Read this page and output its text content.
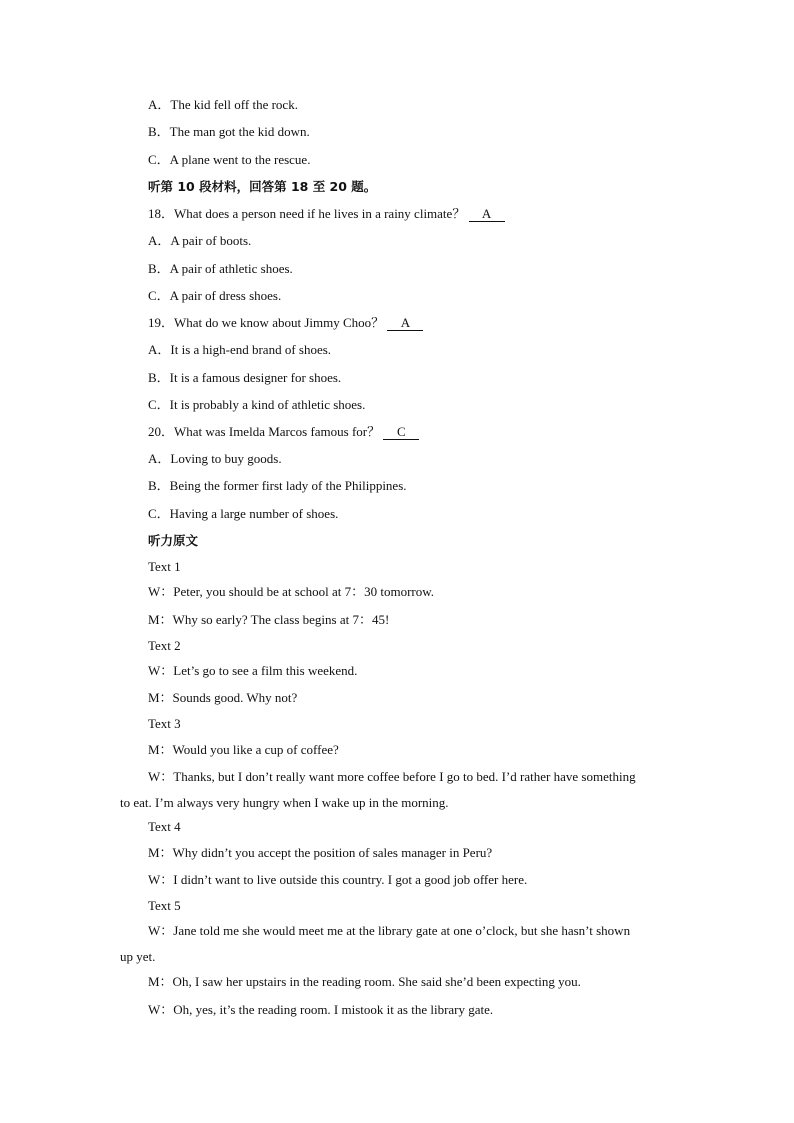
A．The kid fell off the rock.
B．The man got the kid down.
C．A plane went to the rescue.
听第 10 段材料，回答第 18 至 20 题。
18．What does a person need if he lives in a rainy climate？ A
A．A pair of boots.
B．A pair of athletic shoes.
C．A pair of dress shoes.
19．What do we know about Jimmy Choo？ A
A．It is a high-end brand of shoes.
B．It is a famous designer for shoes.
C．It is probably a kind of athletic shoes.
20．What was Imelda Marcos famous for？ C
A．Loving to buy goods.
B．Being the former first lady of the Philippines.
C．Having a large number of shoes.
听力原文
Text 1
W：Peter, you should be at school at 7：30 tomorrow.
M：Why so early? The class begins at 7：45!
Text 2
W：Let’s go to see a film this weekend.
M：Sounds good. Why not?
Text 3
M：Would you like a cup of coffee?
W：Thanks, but I don’t really want more coffee before I go to bed. I’d rather have something
to eat. I’m always very hungry when I wake up in the morning.
Text 4
M：Why didn’t you accept the position of sales manager in Peru?
W：I didn’t want to live outside this country. I got a good job offer here.
Text 5
W：Jane told me she would meet me at the library gate at one o’clock, but she hasn’t shown
up yet.
M：Oh, I saw her upstairs in the reading room. She said she’d been expecting you.
W：Oh, yes, it’s the reading room. I mistook it as the library gate.
